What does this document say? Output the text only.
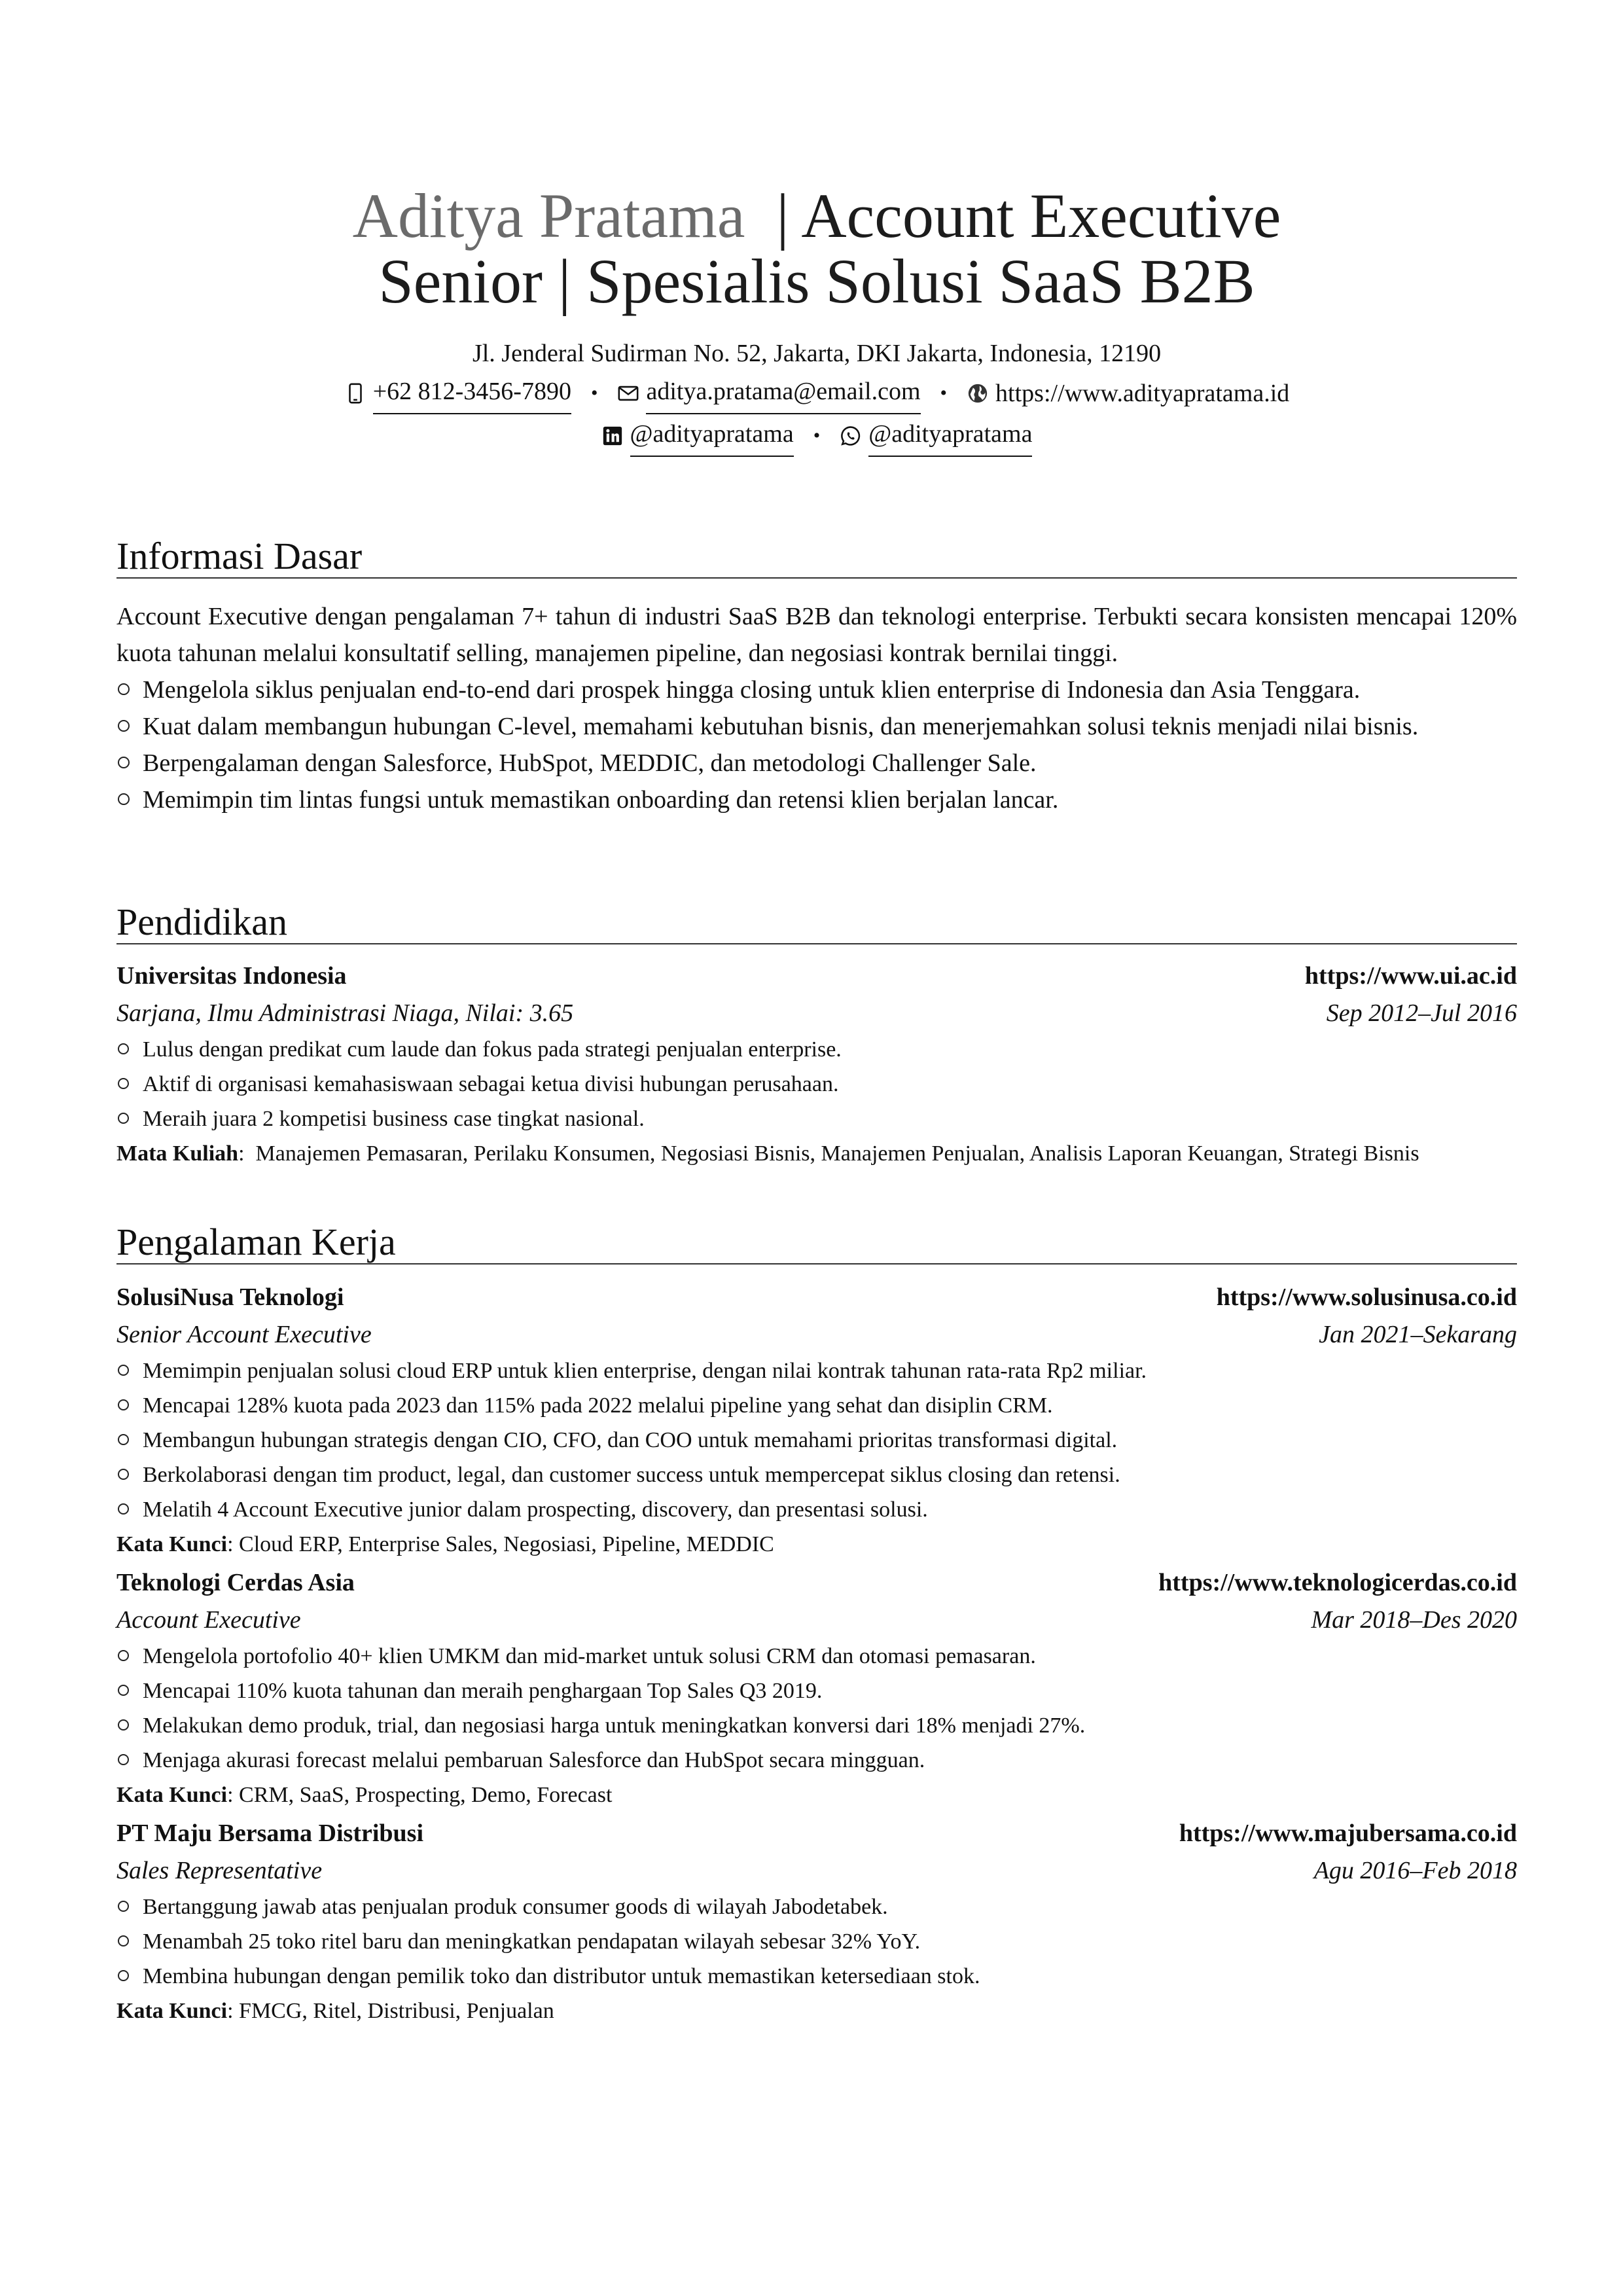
Aditya Pratama | Account Executive
Senior | Spesialis Solusi SaaS B2B
Jl. Jenderal Sudirman No. 52, Jakarta, DKI Jakarta, Indonesia, 12190
+62 812-3456-7890 • aditya.pratama@email.com • https://www.adityapratama.id
@adityapratama • @adityapratama
Informasi Dasar
Account Executive dengan pengalaman 7+ tahun di industri SaaS B2B dan teknologi enterprise. Terbukti secara konsisten mencapai 120% kuota tahunan melalui konsultatif selling, manajemen pipeline, dan negosiasi kontrak bernilai tinggi.
Mengelola siklus penjualan end-to-end dari prospek hingga closing untuk klien enterprise di Indonesia dan Asia Tenggara.
Kuat dalam membangun hubungan C-level, memahami kebutuhan bisnis, dan menerjemahkan solusi teknis menjadi nilai bisnis.
Berpengalaman dengan Salesforce, HubSpot, MEDDIC, dan metodologi Challenger Sale.
Memimpin tim lintas fungsi untuk memastikan onboarding dan retensi klien berjalan lancar.
Pendidikan
Universitas Indonesia	https://www.ui.ac.id
Sarjana, Ilmu Administrasi Niaga, Nilai: 3.65	Sep 2012–Jul 2016
Lulus dengan predikat cum laude dan fokus pada strategi penjualan enterprise.
Aktif di organisasi kemahasiswaan sebagai ketua divisi hubungan perusahaan.
Meraih juara 2 kompetisi business case tingkat nasional.
Mata Kuliah:  Manajemen Pemasaran, Perilaku Konsumen, Negosiasi Bisnis, Manajemen Penjualan, Analisis Laporan Keuangan, Strategi Bisnis
Pengalaman Kerja
SolusiNusa Teknologi	https://www.solusinusa.co.id
Senior Account Executive	Jan 2021–Sekarang
Memimpin penjualan solusi cloud ERP untuk klien enterprise, dengan nilai kontrak tahunan rata-rata Rp2 miliar.
Mencapai 128% kuota pada 2023 dan 115% pada 2022 melalui pipeline yang sehat dan disiplin CRM.
Membangun hubungan strategis dengan CIO, CFO, dan COO untuk memahami prioritas transformasi digital.
Berkolaborasi dengan tim product, legal, dan customer success untuk mempercepat siklus closing dan retensi.
Melatih 4 Account Executive junior dalam prospecting, discovery, dan presentasi solusi.
Kata Kunci: Cloud ERP, Enterprise Sales, Negosiasi, Pipeline, MEDDIC
Teknologi Cerdas Asia	https://www.teknologicerdas.co.id
Account Executive	Mar 2018–Des 2020
Mengelola portofolio 40+ klien UMKM dan mid-market untuk solusi CRM dan otomasi pemasaran.
Mencapai 110% kuota tahunan dan meraih penghargaan Top Sales Q3 2019.
Melakukan demo produk, trial, dan negosiasi harga untuk meningkatkan konversi dari 18% menjadi 27%.
Menjaga akurasi forecast melalui pembaruan Salesforce dan HubSpot secara mingguan.
Kata Kunci: CRM, SaaS, Prospecting, Demo, Forecast
PT Maju Bersama Distribusi	https://www.majubersama.co.id
Sales Representative	Agu 2016–Feb 2018
Bertanggung jawab atas penjualan produk consumer goods di wilayah Jabodetabek.
Menambah 25 toko ritel baru dan meningkatkan pendapatan wilayah sebesar 32% YoY.
Membina hubungan dengan pemilik toko dan distributor untuk memastikan ketersediaan stok.
Kata Kunci: FMCG, Ritel, Distribusi, Penjualan
